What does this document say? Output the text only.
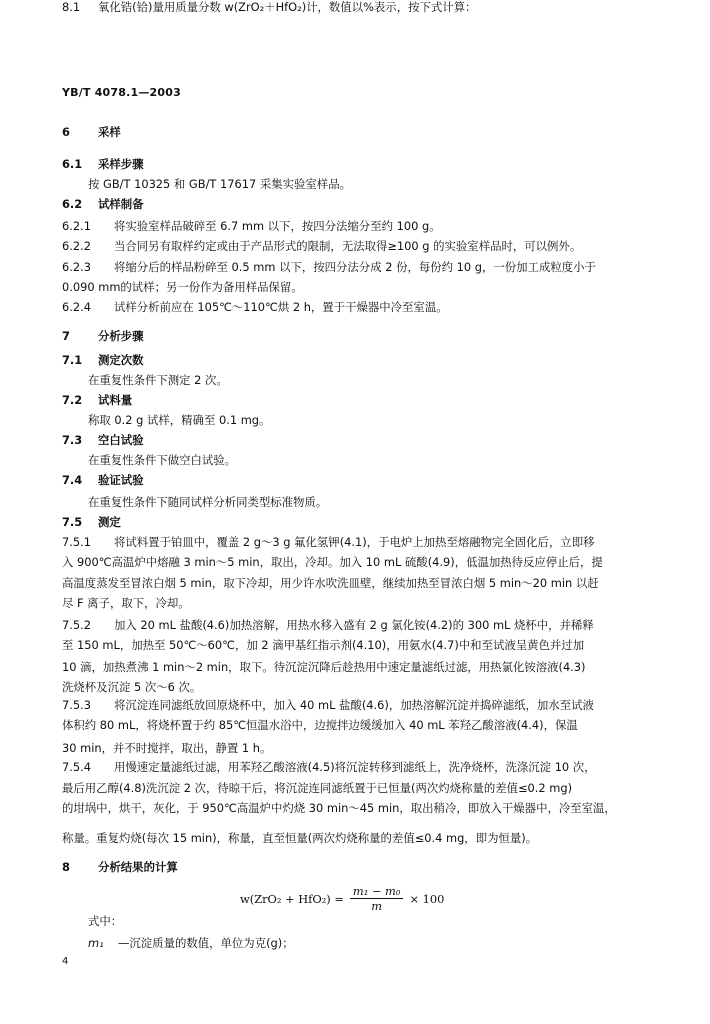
YB/T 4078.1—2003
6 采样
6.1 采样步骤
按 GB/T 10325 和 GB/T 17617 采集实验室样品。
6.2 试样制备
6.2.1 将实验室样品破碎至 6.7 mm 以下，按四分法缩分至约 100 g。
6.2.2 当合同另有取样约定或由于产品形式的限制，无法取得≥100 g 的实验室样品时，可以例外。
6.2.3 将缩分后的样品粉碎至 0.5 mm 以下，按四分法分成 2 份，每份约 10 g，一份加工成粒度小于
0.090 mm的试样；另一份作为备用样品保留。
6.2.4 试样分析前应在 105℃～110℃烘 2 h，置于干燥器中冷至室温。
7 分析步骤
7.1 测定次数
在重复性条件下测定 2 次。
7.2 试料量
称取 0.2 g 试样，精确至 0.1 mg。
7.3 空白试验
在重复性条件下做空白试验。
7.4 验证试验
在重复性条件下随同试样分析同类型标准物质。
7.5 测定
7.5.1 将试料置于铂皿中，覆盖 2 g～3 g 氟化氢钾(4.1)，于电炉上加热至熔融物完全固化后，立即移
入 900℃高温炉中熔融 3 min～5 min，取出，冷却。加入 10 mL 硫酸(4.9)，低温加热待反应停止后，提
高温度蒸发至冒浓白烟 5 min，取下冷却，用少许水吹洗皿壁，继续加热至冒浓白烟 5 min～20 min 以赶
尽 F 离子，取下，冷却。
7.5.2 加入 20 mL 盐酸(4.6)加热溶解，用热水移入盛有 2 g 氯化铵(4.2)的 300 mL 烧杯中，并稀释
至 150 mL，加热至 50℃～60℃，加 2 滴甲基红指示剂(4.10)，用氨水(4.7)中和至试液呈黄色并过加
10 滴，加热煮沸 1 min～2 min，取下。待沉淀沉降后趁热用中速定量滤纸过滤，用热氯化铵溶液(4.3)
洗烧杯及沉淀 5 次～6 次。
7.5.3 将沉淀连同滤纸放回原烧杯中，加入 40 mL 盐酸(4.6)，加热溶解沉淀并捣碎滤纸，加水至试液
体积约 80 mL，将烧杯置于约 85℃恒温水浴中，边搅拌边缓缓加入 40 mL 苯羟乙酸溶液(4.4)，保温
30 min，并不时搅拌，取出，静置 1 h。
7.5.4 用慢速定量滤纸过滤，用苯羟乙酸溶液(4.5)将沉淀转移到滤纸上，洗净烧杯，洗涤沉淀 10 次，
最后用乙醇(4.8)洗沉淀 2 次，待晾干后，将沉淀连同滤纸置于已恒量(两次灼烧称量的差值≤0.2 mg)
的坩埚中，烘干，灰化，于 950℃高温炉中灼烧 30 min～45 min，取出稍冷，即放入干燥器中，冷至室温，
称量。重复灼烧(每次 15 min)，称量，直至恒量(两次灼烧称量的差值≤0.4 mg，即为恒量)。
8 分析结果的计算
8.1 氧化锆(铪)量用质量分数 w(ZrO₂＋HfO₂)计，数值以%表示，按下式计算：
$w(ZrO_2 + HfO_2) = \frac{\text{m₁ − m₀}}{m} \times 100$
式中：
m₁ —沉淀质量的数值，单位为克(g)；
4
